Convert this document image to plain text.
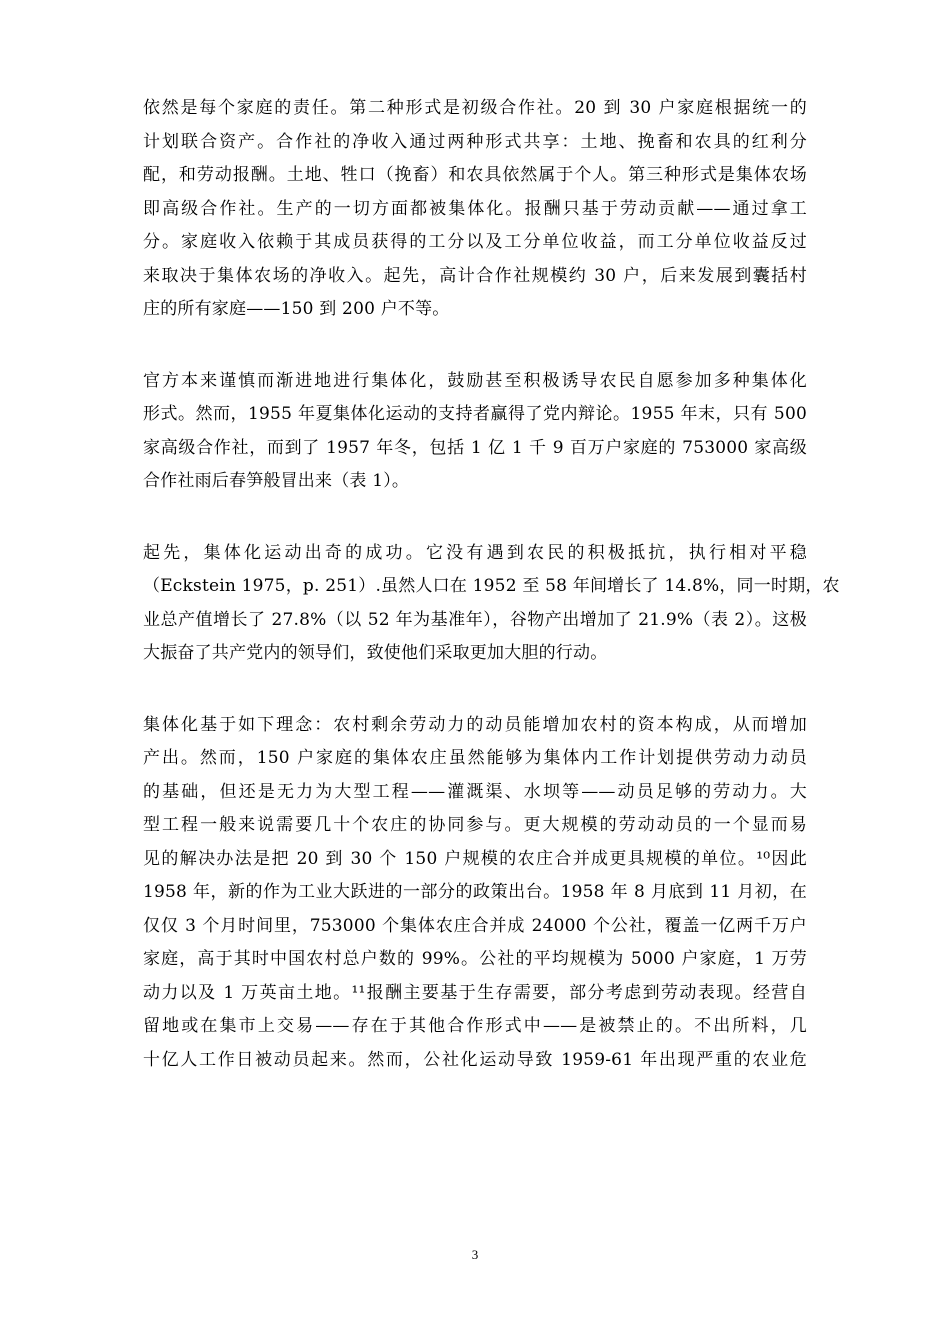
依然是每个家庭的责任。第二种形式是初级合作社。20 到 30 户家庭根据统一的
计划联合资产。合作社的净收入通过两种形式共享：土地、挽畜和农具的红利分
配，和劳动报酬。土地、牲口（挽畜）和农具依然属于个人。第三种形式是集体农场
即高级合作社。生产的一切方面都被集体化。报酬只基于劳动贡献——通过拿工
分。家庭收入依赖于其成员获得的工分以及工分单位收益，而工分单位收益反过
来取决于集体农场的净收入。起先，高计合作社规模约 30 户，后来发展到囊括村
庄的所有家庭——150 到 200 户不等。
官方本来谨慎而渐进地进行集体化，鼓励甚至积极诱导农民自愿参加多种集体化
形式。然而，1955 年夏集体化运动的支持者赢得了党内辩论。1955 年末，只有 500
家高级合作社，而到了 1957 年冬，包括 1 亿 1 千 9 百万户家庭的 753000 家高级
合作社雨后春笋般冒出来（表 1）。
起先，集体化运动出奇的成功。它没有遇到农民的积极抵抗，执行相对平稳
（Eckstein 1975，p. 251）.虽然人口在 1952 至 58 年间增长了 14.8%，同一时期，农
业总产值增长了 27.8%（以 52 年为基准年），谷物产出增加了 21.9%（表 2）。这极
大振奋了共产党内的领导们，致使他们采取更加大胆的行动。
集体化基于如下理念：农村剩余劳动力的动员能增加农村的资本构成，从而增加
产出。然而，150 户家庭的集体农庄虽然能够为集体内工作计划提供劳动力动员
的基础，但还是无力为大型工程——灌溉渠、水坝等——动员足够的劳动力。大
型工程一般来说需要几十个农庄的协同参与。更大规模的劳动动员的一个显而易
见的解决办法是把 20 到 30 个 150 户规模的农庄合并成更具规模的单位。¹⁰因此
1958 年，新的作为工业大跃进的一部分的政策出台。1958 年 8 月底到 11 月初，在
仅仅 3 个月时间里，753000 个集体农庄合并成 24000 个公社，覆盖一亿两千万户
家庭，高于其时中国农村总户数的 99%。公社的平均规模为 5000 户家庭，1 万劳
动力以及 1 万英亩土地。¹¹报酬主要基于生存需要，部分考虑到劳动表现。经营自
留地或在集市上交易——存在于其他合作形式中——是被禁止的。不出所料，几
十亿人工作日被动员起来。然而，公社化运动导致 1959-61 年出现严重的农业危
3
